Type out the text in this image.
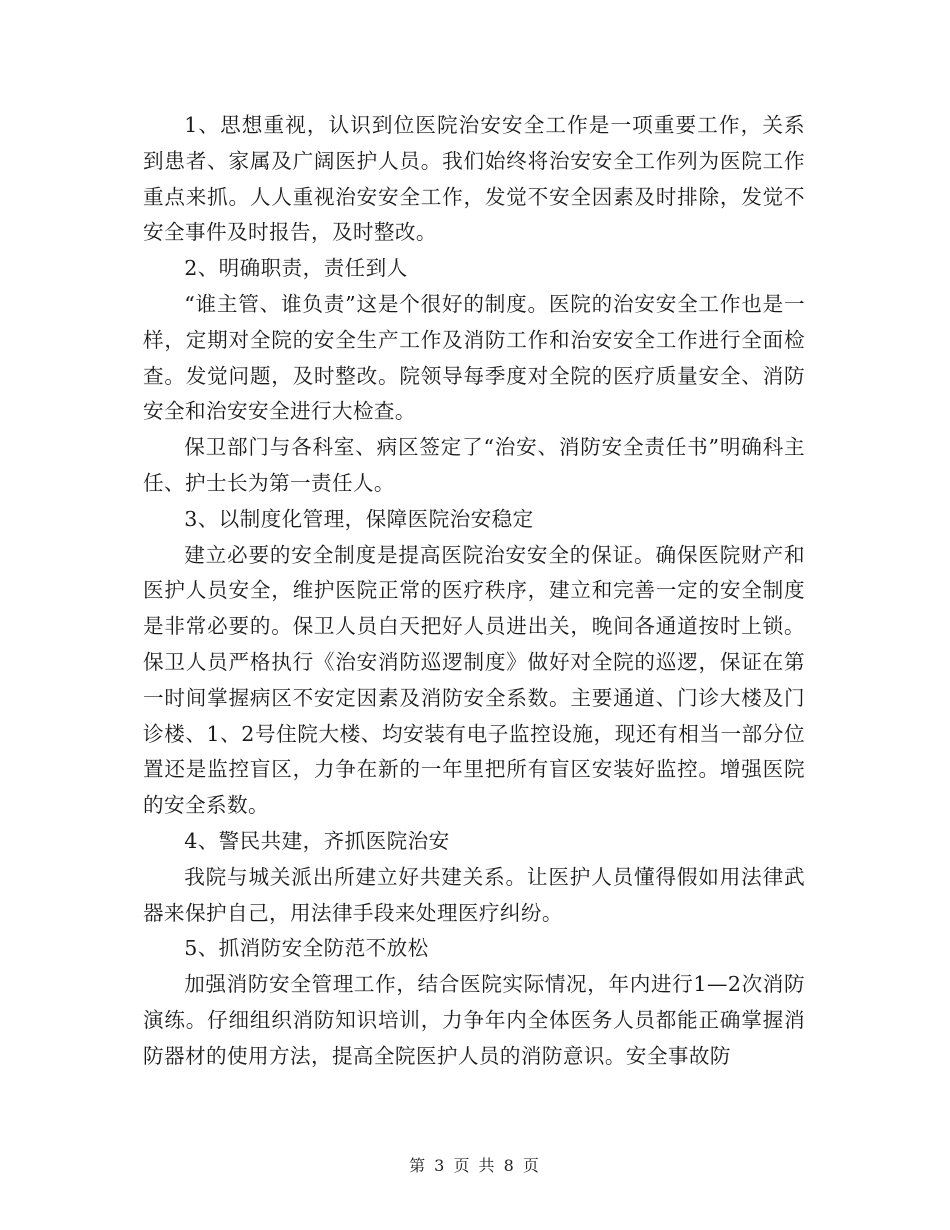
1、思想重视，认识到位医院治安安全工作是一项重要工作，关系到患者、家属及广阔医护人员。我们始终将治安安全工作列为医院工作重点来抓。人人重视治安安全工作，发觉不安全因素及时排除，发觉不安全事件及时报告，及时整改。

2、明确职责，责任到人

“谁主管、谁负责”这是个很好的制度。医院的治安安全工作也是一样，定期对全院的安全生产工作及消防工作和治安安全工作进行全面检查。发觉问题，及时整改。院领导每季度对全院的医疗质量安全、消防安全和治安安全进行大检查。

保卫部门与各科室、病区签定了“治安、消防安全责任书”明确科主任、护士长为第一责任人。

3、以制度化管理，保障医院治安稳定

建立必要的安全制度是提高医院治安安全的保证。确保医院财产和医护人员安全，维护医院正常的医疗秩序，建立和完善一定的安全制度是非常必要的。保卫人员白天把好人员进出关，晚间各通道按时上锁。保卫人员严格执行《治安消防巡逻制度》做好对全院的巡逻，保证在第一时间掌握病区不安定因素及消防安全系数。主要通道、门诊大楼及门诊楼、1、2号住院大楼、均安装有电子监控设施，现还有相当一部分位置还是监控盲区，力争在新的一年里把所有盲区安装好监控。增强医院的安全系数。

4、警民共建，齐抓医院治安

我院与城关派出所建立好共建关系。让医护人员懂得假如用法律武器来保护自己，用法律手段来处理医疗纠纷。

5、抓消防安全防范不放松

加强消防安全管理工作，结合医院实际情况，年内进行1—2次消防演练。仔细组织消防知识培训，力争年内全体医务人员都能正确掌握消防器材的使用方法，提高全院医护人员的消防意识。安全事故防

第 3 页 共 8 页
